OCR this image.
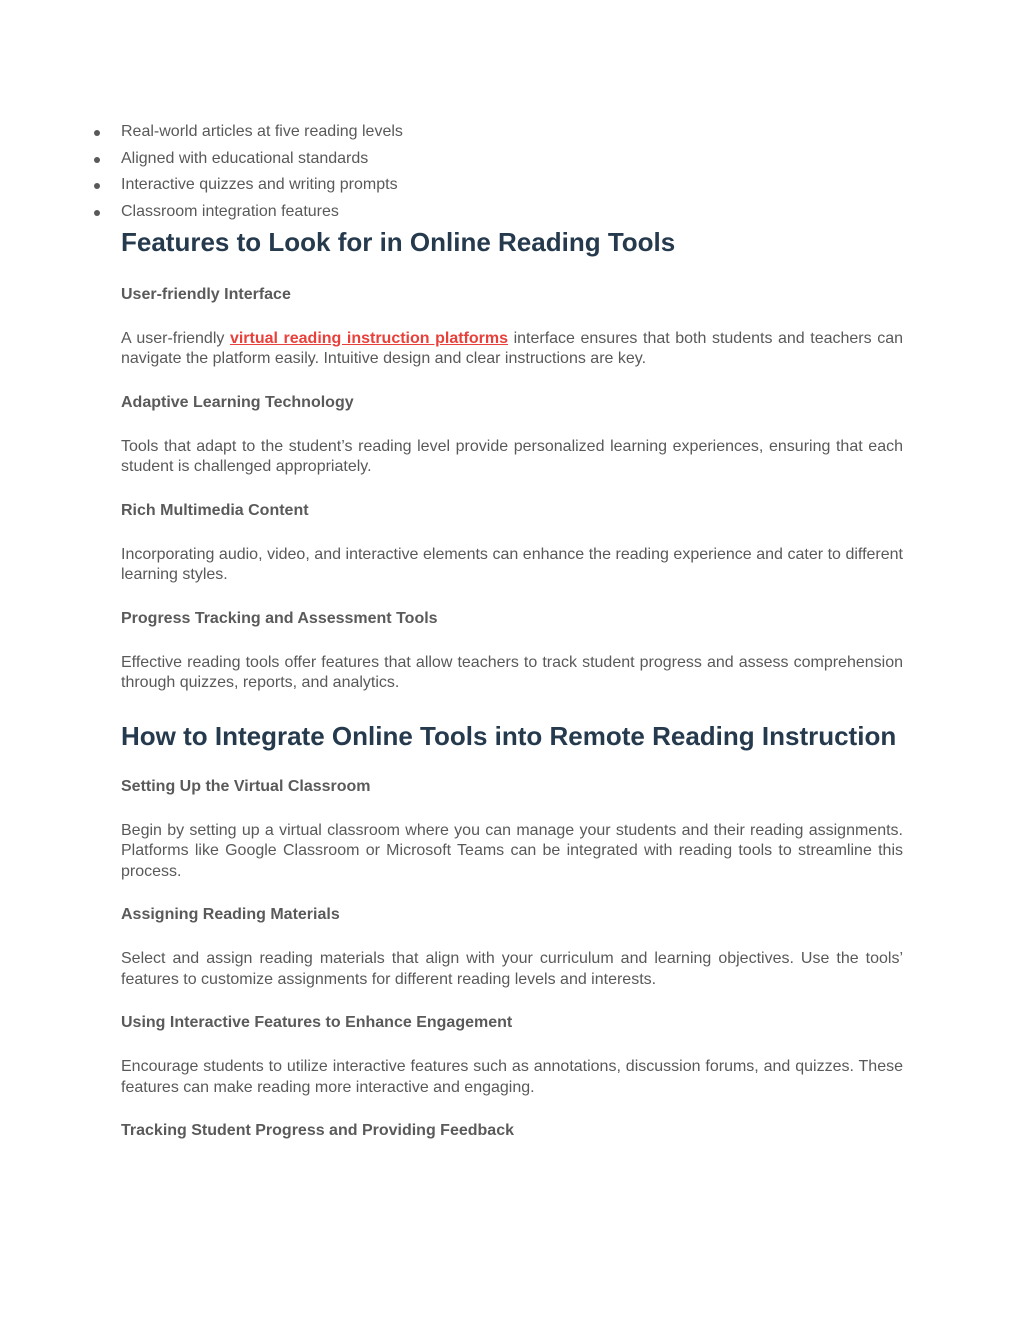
Real-world articles at five reading levels
Aligned with educational standards
Interactive quizzes and writing prompts
Classroom integration features
Features to Look for in Online Reading Tools
User-friendly Interface

A user-friendly virtual reading instruction platforms interface ensures that both students and teachers can navigate the platform easily. Intuitive design and clear instructions are key.

Adaptive Learning Technology

Tools that adapt to the student’s reading level provide personalized learning experiences, ensuring that each student is challenged appropriately.

Rich Multimedia Content

Incorporating audio, video, and interactive elements can enhance the reading experience and cater to different learning styles.

Progress Tracking and Assessment Tools

Effective reading tools offer features that allow teachers to track student progress and assess comprehension through quizzes, reports, and analytics.

How to Integrate Online Tools into Remote Reading Instruction
Setting Up the Virtual Classroom

Begin by setting up a virtual classroom where you can manage your students and their reading assignments. Platforms like Google Classroom or Microsoft Teams can be integrated with reading tools to streamline this process.

Assigning Reading Materials

Select and assign reading materials that align with your curriculum and learning objectives. Use the tools’ features to customize assignments for different reading levels and interests.

Using Interactive Features to Enhance Engagement

Encourage students to utilize interactive features such as annotations, discussion forums, and quizzes. These features can make reading more interactive and engaging.

Tracking Student Progress and Providing Feedback
